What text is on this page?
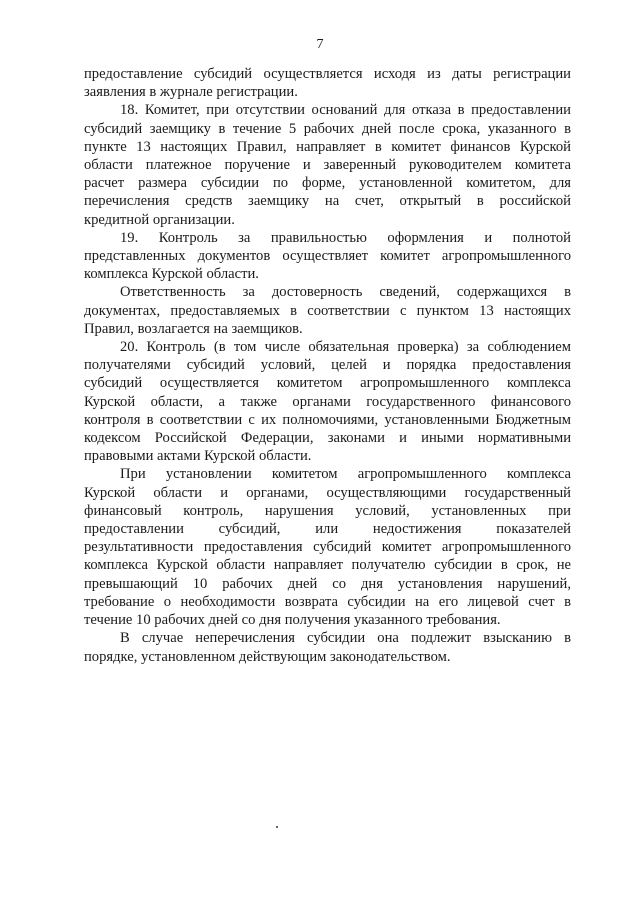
7

предоставление субсидий осуществляется исходя из даты регистрации
заявления в журнале регистрации.

18. Комитет, при отсутствии оснований для отказа в предоставлении
субсидий заемщику в течение 5 рабочих дней после срока, указанного в
пункте 13 настоящих Правил, направляет в комитет финансов Курской
области платежное поручение и заверенный руководителем комитета
расчет размера субсидии по форме, установленной комитетом, для
перечисления средств заемщику на счет, открытый в российской
кредитной организации.

19. Контроль за правильностью оформления и полнотой
представленных документов осуществляет комитет агропромышленного
комплекса Курской области.

Ответственность за достоверность сведений, содержащихся в
документах, предоставляемых в соответствии с пунктом 13 настоящих
Правил, возлагается на заемщиков.

20. Контроль (в том числе обязательная проверка) за соблюдением
получателями субсидий условий, целей и порядка предоставления
субсидий осуществляется комитетом агропромышленного комплекса
Курской области, а также органами государственного финансового
контроля в соответствии с их полномочиями, установленными Бюджетным
кодексом Российской Федерации, законами и иными нормативными
правовыми актами Курской области.

При установлении комитетом агропромышленного комплекса
Курской области и органами, осуществляющими государственный
финансовый контроль, нарушения условий, установленных при
предоставлении субсидий, или недостижения показателей
результативности предоставления субсидий комитет агропромышленного
комплекса Курской области направляет получателю субсидии в срок, не
превышающий 10 рабочих дней со дня установления нарушений,
требование о необходимости возврата субсидии на его лицевой счет в
течение 10 рабочих дней со дня получения указанного требования.

В случае неперечисления субсидии она подлежит взысканию в
порядке, установленном действующим законодательством.
